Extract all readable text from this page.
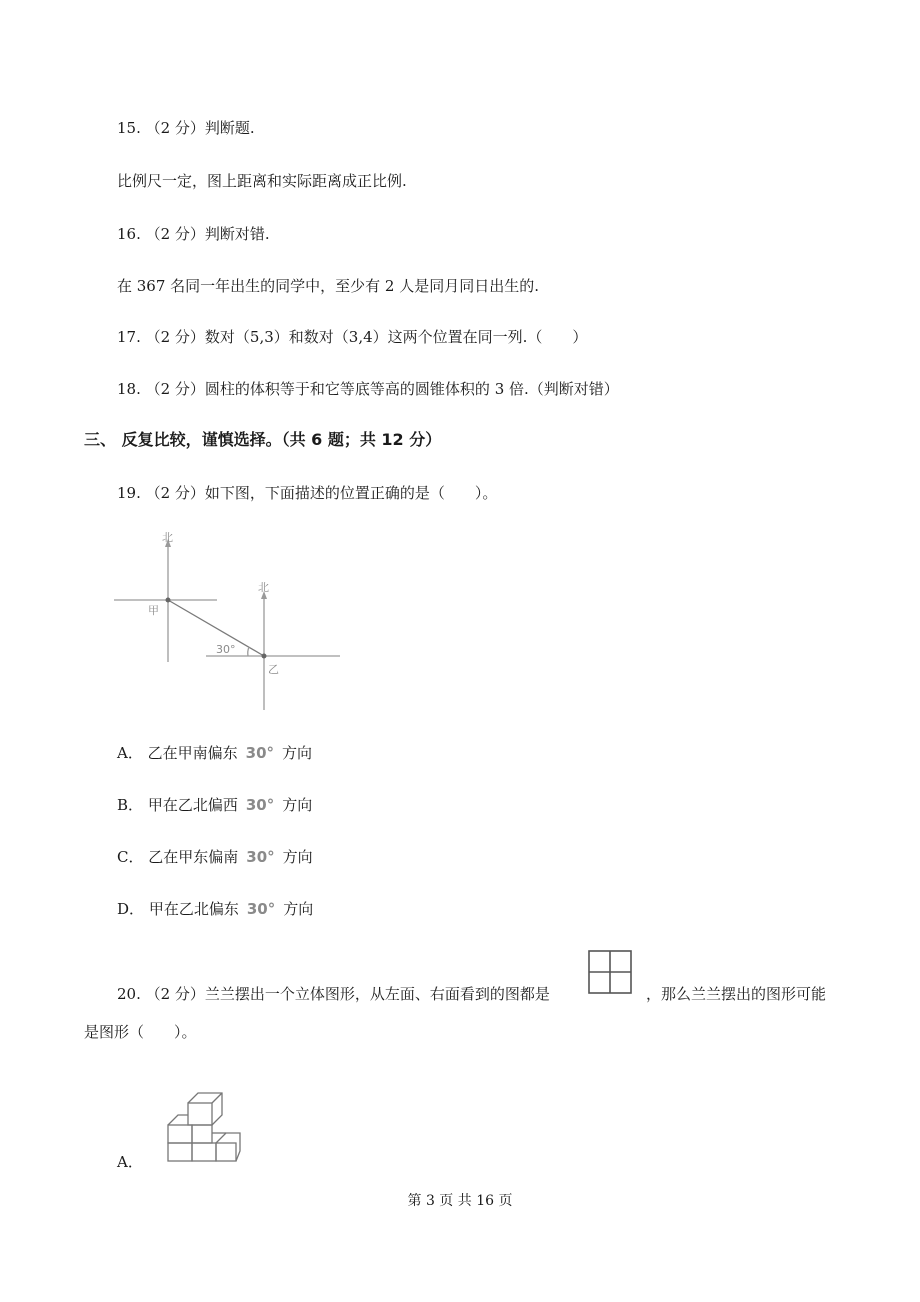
15. （2 分）判断题.
比例尺一定，图上距离和实际距离成正比例.
16. （2 分）判断对错.
在 367 名同一年出生的同学中，至少有 2 人是同月同日出生的.
17. （2 分）数对（5,3）和数对（3,4）这两个位置在同一列.（　　）
18. （2 分）圆柱的体积等于和它等底等高的圆锥体积的 3 倍.（判断对错）
三、 反复比较，谨慎选择。（共 6 题；共 12 分）
19. （2 分）如下图，下面描述的位置正确的是（　　）。
北
北
甲
乙
30°
A． 乙在甲南偏东 30° 方向
B． 甲在乙北偏西 30° 方向
C． 乙在甲东偏南 30° 方向
D． 甲在乙北偏东 30° 方向
20. （2 分）兰兰摆出一个立体图形，从左面、右面看到的图都是	，那么兰兰摆出的图形可能
是图形（　　）。
A．
第 3 页 共 16 页
